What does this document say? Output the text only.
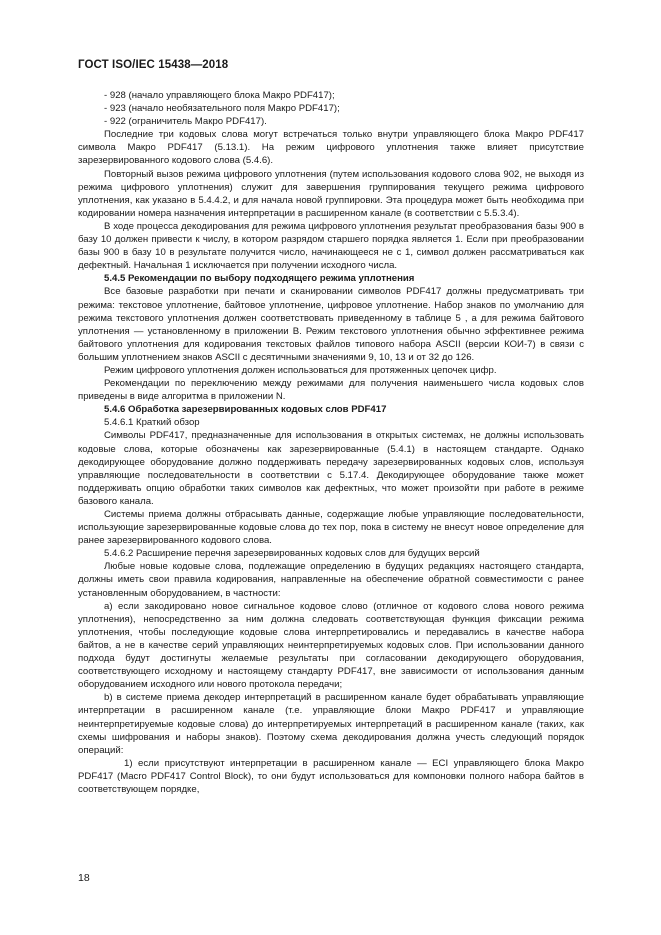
ГОСТ ISO/IEC 15438—2018

- 928 (начало управляющего блока Макро PDF417);

- 923 (начало необязательного поля Макро PDF417);

- 922 (ограничитель Макро PDF417).

Последние три кодовых слова могут встречаться только внутри управляющего блока Макро PDF417 символа Макро PDF417 (5.13.1). На режим цифрового уплотнения также влияет присутствие зарезервированного кодового слова (5.4.6).

Повторный вызов режима цифрового уплотнения (путем использования кодового слова 902, не выходя из режима цифрового уплотнения) служит для завершения группирования текущего режима цифрового уплотнения, как указано в 5.4.4.2, и для начала новой группировки. Эта процедура может быть необходима при кодировании номера назначения интерпретации в расширенном канале (в соответствии с 5.5.3.4).

В ходе процесса декодирования для режима цифрового уплотнения результат преобразования базы 900 в базу 10 должен привести к числу, в котором разрядом старшего порядка является 1. Если при преобразовании базы 900 в базу 10 в результате получится число, начинающееся не с 1, символ должен рассматриваться как дефектный. Начальная 1 исключается при получении исходного числа.

5.4.5 Рекомендации по выбору подходящего режима уплотнения

Все базовые разработки при печати и сканировании символов PDF417 должны предусматривать три режима: текстовое уплотнение, байтовое уплотнение, цифровое уплотнение. Набор знаков по умолчанию для режима текстового уплотнения должен соответствовать приведенному в таблице 5 , а для режима байтового уплотнения — установленному в приложении В. Режим текстового уплотнения обычно эффективнее режима байтового уплотнения для кодирования текстовых файлов типового набора ASCII (версии КОИ-7) в связи с большим уплотнением знаков ASCII с десятичными значениями 9, 10, 13 и от 32 до 126.

Режим цифрового уплотнения должен использоваться для протяженных цепочек цифр.

Рекомендации по переключению между режимами для получения наименьшего числа кодовых слов приведены в виде алгоритма в приложении N.

5.4.6 Обработка зарезервированных кодовых слов PDF417

5.4.6.1 Краткий обзор

Символы PDF417, предназначенные для использования в открытых системах, не должны использовать кодовые слова, которые обозначены как зарезервированные (5.4.1) в настоящем стандарте. Однако декодирующее оборудование должно поддерживать передачу зарезервированных кодовых слов, используя управляющие последовательности в соответствии с 5.17.4. Декодирующее оборудование также может поддерживать опцию обработки таких символов как дефектных, что может произойти при работе в режиме базового канала.

Системы приема должны отбрасывать данные, содержащие любые управляющие последовательности, использующие зарезервированные кодовые слова до тех пор, пока в систему не внесут новое определение для ранее зарезервированного кодового слова.

5.4.6.2 Расширение перечня зарезервированных кодовых слов для будущих версий

Любые новые кодовые слова, подлежащие определению в будущих редакциях настоящего стандарта, должны иметь свои правила кодирования, направленные на обеспечение обратной совместимости с ранее установленным оборудованием, в частности:

а) если закодировано новое сигнальное кодовое слово (отличное от кодового слова нового режима уплотнения), непосредственно за ним должна следовать соответствующая функция фиксации режима уплотнения, чтобы последующие кодовые слова интерпретировались и передавались в качестве набора байтов, а не в качестве серий управляющих неинтерпретируемых кодовых слов. При использовании данного подхода будут достигнуты желаемые результаты при согласовании декодирующего оборудования, соответствующего исходному и настоящему стандарту PDF417, вне зависимости от использования данным оборудованием исходного или нового протокола передачи;

b) в системе приема декодер интерпретаций в расширенном канале будет обрабатывать управляющие интерпретации в расширенном канале (т.е. управляющие блоки Макро PDF417 и управляющие неинтерпретируемые кодовые слова) до интерпретируемых интерпретаций в расширенном канале (таких, как схемы шифрования и наборы знаков). Поэтому схема декодирования должна учесть следующий порядок операций:

1) если присутствуют интерпретации в расширенном канале — ECI управляющего блока Макро PDF417 (Macro PDF417 Control Block), то они будут использоваться для компоновки полного набора байтов в соответствующем порядке,

18
